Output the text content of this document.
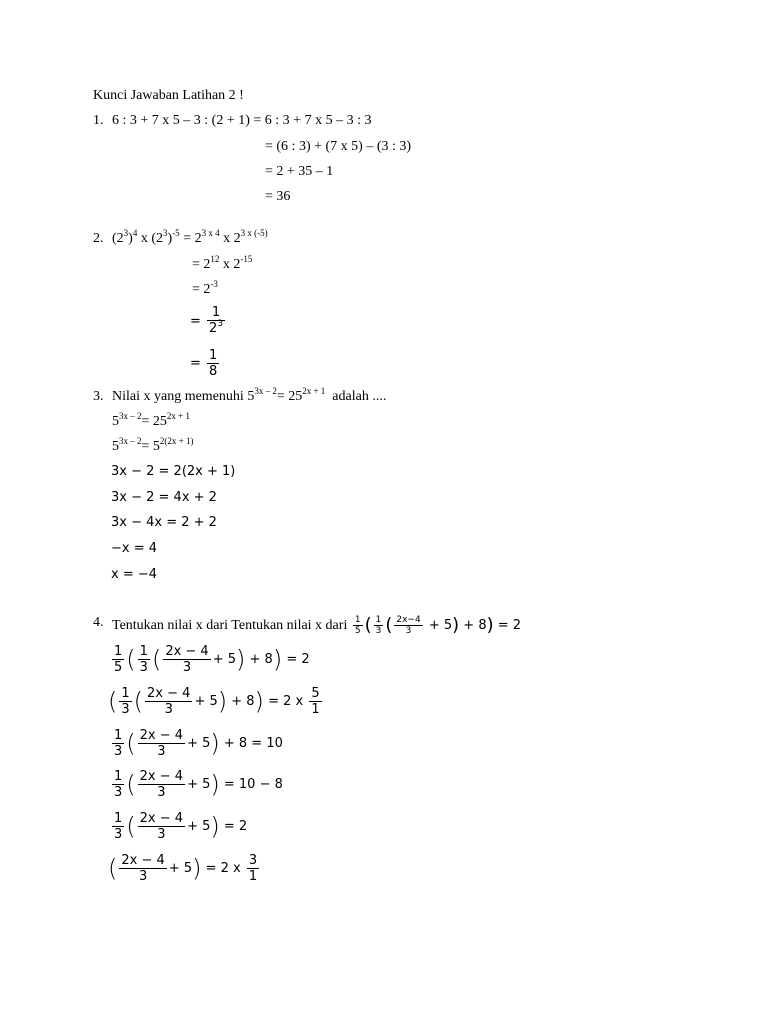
Kunci Jawaban Latihan 2 !
1. 6 : 3 + 7 x 5 – 3 : (2 + 1) = 6 : 3 + 7 x 5 – 3 : 3
= (6 : 3) + (7 x 5) – (3 : 3)
= 2 + 35 – 1
= 36
2. $(2^3)^4$ x $(2^3)^{-5} = 2^{3 x 4}$ x $2^{3 x (-5)}$
= $2^{12}$ x $2^{-15}$
= $2^{-3}$
= $\frac{1}{2^3}$
= $\frac{1}{8}$
3. Nilai x yang memenuhi $5^{3x - 2}= 25^{2x + 1}$ adalah ....
$5^{3x - 2}= 25^{2x + 1}$
$5^{3x - 2}= 5^{2(2x + 1)}$
3x − 2 = 2(2x + 1)
3x − 2 = 4x + 2
3x − 4x = 2 + 2
−x = 4
x = −4
4. Tentukan nilai x dari Tentukan nilai x dari $\frac{1}{5}$ ( $\frac{1}{3}$ ( $\frac{2x-4}{3} + 5) + 8) = 2$
$\frac{1}{5}$ ( $\frac{1}{3}$ ( $\frac{2x - 4}{3} + 5) + 8) = 2$
( $\frac{1}{3}$ ( $\frac{2x - 4}{3} + 5) + 8) = 2$ x $\frac{5}{1}$
$\frac{1}{3}$ ( $\frac{2x - 4}{3} + 5) + 8 = 10$
$\frac{1}{3}$ ( $\frac{2x - 4}{3} + 5) = 10 - 8$
$\frac{1}{3}$ ( $\frac{2x - 4}{3} + 5) = 2$
( $\frac{2x - 4}{3} + 5) = 2$ x $\frac{3}{1}$
